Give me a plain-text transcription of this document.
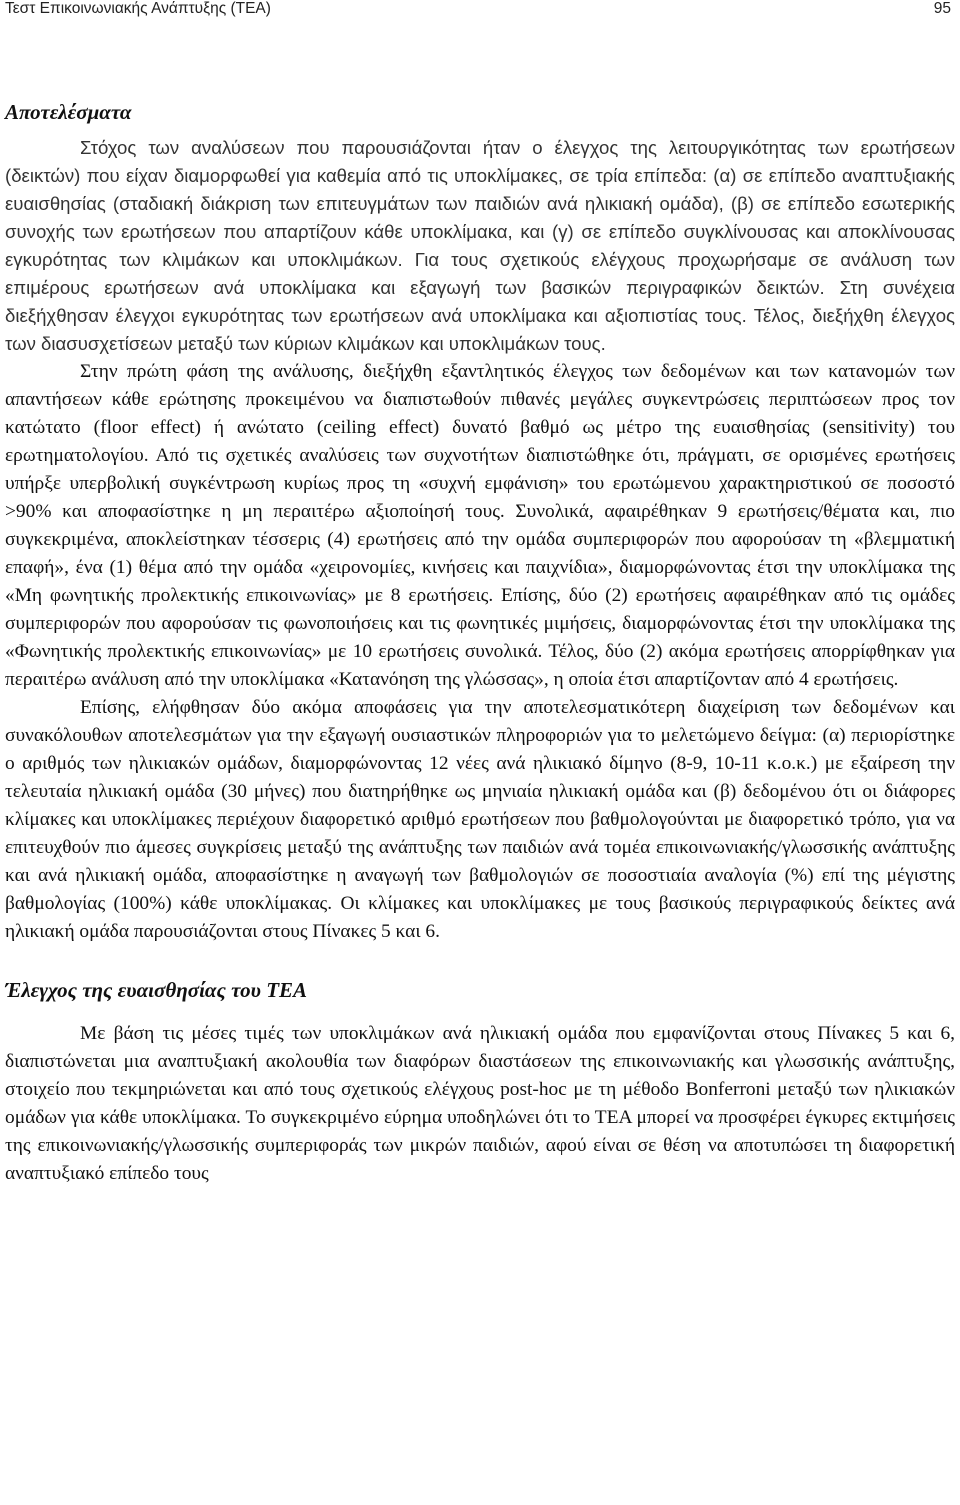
Τεστ Επικοινωνιακής Ανάπτυξης (ΤΕΑ)	95
Αποτελέσματα

Στόχος των αναλύσεων που παρουσιάζονται ήταν ο έλεγχος της λειτουργικότητας των ερωτήσεων (δεικτών) που είχαν διαμορφωθεί για καθεμία από τις υποκλίμακες, σε τρία επίπεδα: (α) σε επίπεδο αναπτυξιακής ευαισθησίας (σταδιακή διάκριση των επιτευγμάτων των παιδιών ανά ηλικιακή ομάδα), (β) σε επίπεδο εσωτερικής συνοχής των ερωτήσεων που απαρτίζουν κάθε υποκλίμακα, και (γ) σε επίπεδο συγκλίνουσας και αποκλίνουσας εγκυρότητας των κλιμάκων και υποκλιμάκων. Για τους σχετικούς ελέγχους προχωρήσαμε σε ανάλυση των επιμέρους ερωτήσεων ανά υποκλίμακα και εξαγωγή των βασικών περιγραφικών δεικτών. Στη συνέχεια διεξήχθησαν έλεγχοι εγκυρότητας των ερωτήσεων ανά υποκλίμακα και αξιοπιστίας τους. Τέλος, διεξήχθη έλεγχος των διασυσχετίσεων μεταξύ των κύριων κλιμάκων και υποκλιμάκων τους.

Στην πρώτη φάση της ανάλυσης, διεξήχθη εξαντλητικός έλεγχος των δεδομένων και των κατανομών των απαντήσεων κάθε ερώτησης προκειμένου να διαπιστωθούν πιθανές μεγάλες συγκεντρώσεις περιπτώσεων προς τον κατώτατο (floor effect) ή ανώτατο (ceiling effect) δυνατό βαθμό ως μέτρο της ευαισθησίας (sensitivity) του ερωτηματολογίου. Από τις σχετικές αναλύσεις των συχνοτήτων διαπιστώθηκε ότι, πράγματι, σε ορισμένες ερωτήσεις υπήρξε υπερβολική συγκέντρωση κυρίως προς τη «συχνή εμφάνιση» του ερωτώμενου χαρακτηριστικού σε ποσοστό >90% και αποφασίστηκε η μη περαιτέρω αξιοποίησή τους. Συνολικά, αφαιρέθηκαν 9 ερωτήσεις/θέματα και, πιο συγκεκριμένα, αποκλείστηκαν τέσσερις (4) ερωτήσεις από την ομάδα συμπεριφορών που αφορούσαν τη «βλεμματική επαφή», ένα (1) θέμα από την ομάδα «χειρονομίες, κινήσεις και παιχνίδια», διαμορφώνοντας έτσι την υποκλίμακα της «Μη φωνητικής προλεκτικής επικοινωνίας» με 8 ερωτήσεις. Επίσης, δύο (2) ερωτήσεις αφαιρέθηκαν από τις ομάδες συμπεριφορών που αφορούσαν τις φωνοποιήσεις και τις φωνητικές μιμήσεις, διαμορφώνοντας έτσι την υποκλίμακα της «Φωνητικής προλεκτικής επικοινωνίας» με 10 ερωτήσεις συνολικά. Τέλος, δύο (2) ακόμα ερωτήσεις απορρίφθηκαν για περαιτέρω ανάλυση από την υποκλίμακα «Κατανόηση της γλώσσας», η οποία έτσι απαρτίζονταν από 4 ερωτήσεις.

Επίσης, ελήφθησαν δύο ακόμα αποφάσεις για την αποτελεσματικότερη διαχείριση των δεδομένων και συνακόλουθων αποτελεσμάτων για την εξαγωγή ουσιαστικών πληροφοριών για το μελετώμενο δείγμα: (α) περιορίστηκε ο αριθμός των ηλικιακών ομάδων, διαμορφώνοντας 12 νέες ανά ηλικιακό δίμηνο (8-9, 10-11 κ.ο.κ.) με εξαίρεση την τελευταία ηλικιακή ομάδα (30 μήνες) που διατηρήθηκε ως μηνιαία ηλικιακή ομάδα και (β) δεδομένου ότι οι διάφορες κλίμακες και υποκλίμακες περιέχουν διαφορετικό αριθμό ερωτήσεων που βαθμολογούνται με διαφορετικό τρόπο, για να επιτευχθούν πιο άμεσες συγκρίσεις μεταξύ της ανάπτυξης των παιδιών ανά τομέα επικοινωνιακής/γλωσσικής ανάπτυξης και ανά ηλικιακή ομάδα, αποφασίστηκε η αναγωγή των βαθμολογιών σε ποσοστιαία αναλογία (%) επί της μέγιστης βαθμολογίας (100%) κάθε υποκλίμακας. Οι κλίμακες και υποκλίμακες με τους βασικούς περιγραφικούς δείκτες ανά ηλικιακή ομάδα παρουσιάζονται στους Πίνακες 5 και 6.

Έλεγχος της ευαισθησίας του ΤΕΑ

Με βάση τις μέσες τιμές των υποκλιμάκων ανά ηλικιακή ομάδα που εμφανίζονται στους Πίνακες 5 και 6, διαπιστώνεται μια αναπτυξιακή ακολουθία των διαφόρων διαστάσεων της επικοινωνιακής και γλωσσικής ανάπτυξης, στοιχείο που τεκμηριώνεται και από τους σχετικούς ελέγχους post-hoc με τη μέθοδο Bonferroni μεταξύ των ηλικιακών ομάδων για κάθε υποκλίμακα. Το συγκεκριμένο εύρημα υποδηλώνει ότι το ΤΕΑ μπορεί να προσφέρει έγκυρες εκτιμήσεις της επικοινωνιακής/γλωσσικής συμπεριφοράς των μικρών παιδιών, αφού είναι σε θέση να αποτυπώσει τη διαφορετική αναπτυξιακό επίπεδο τους
